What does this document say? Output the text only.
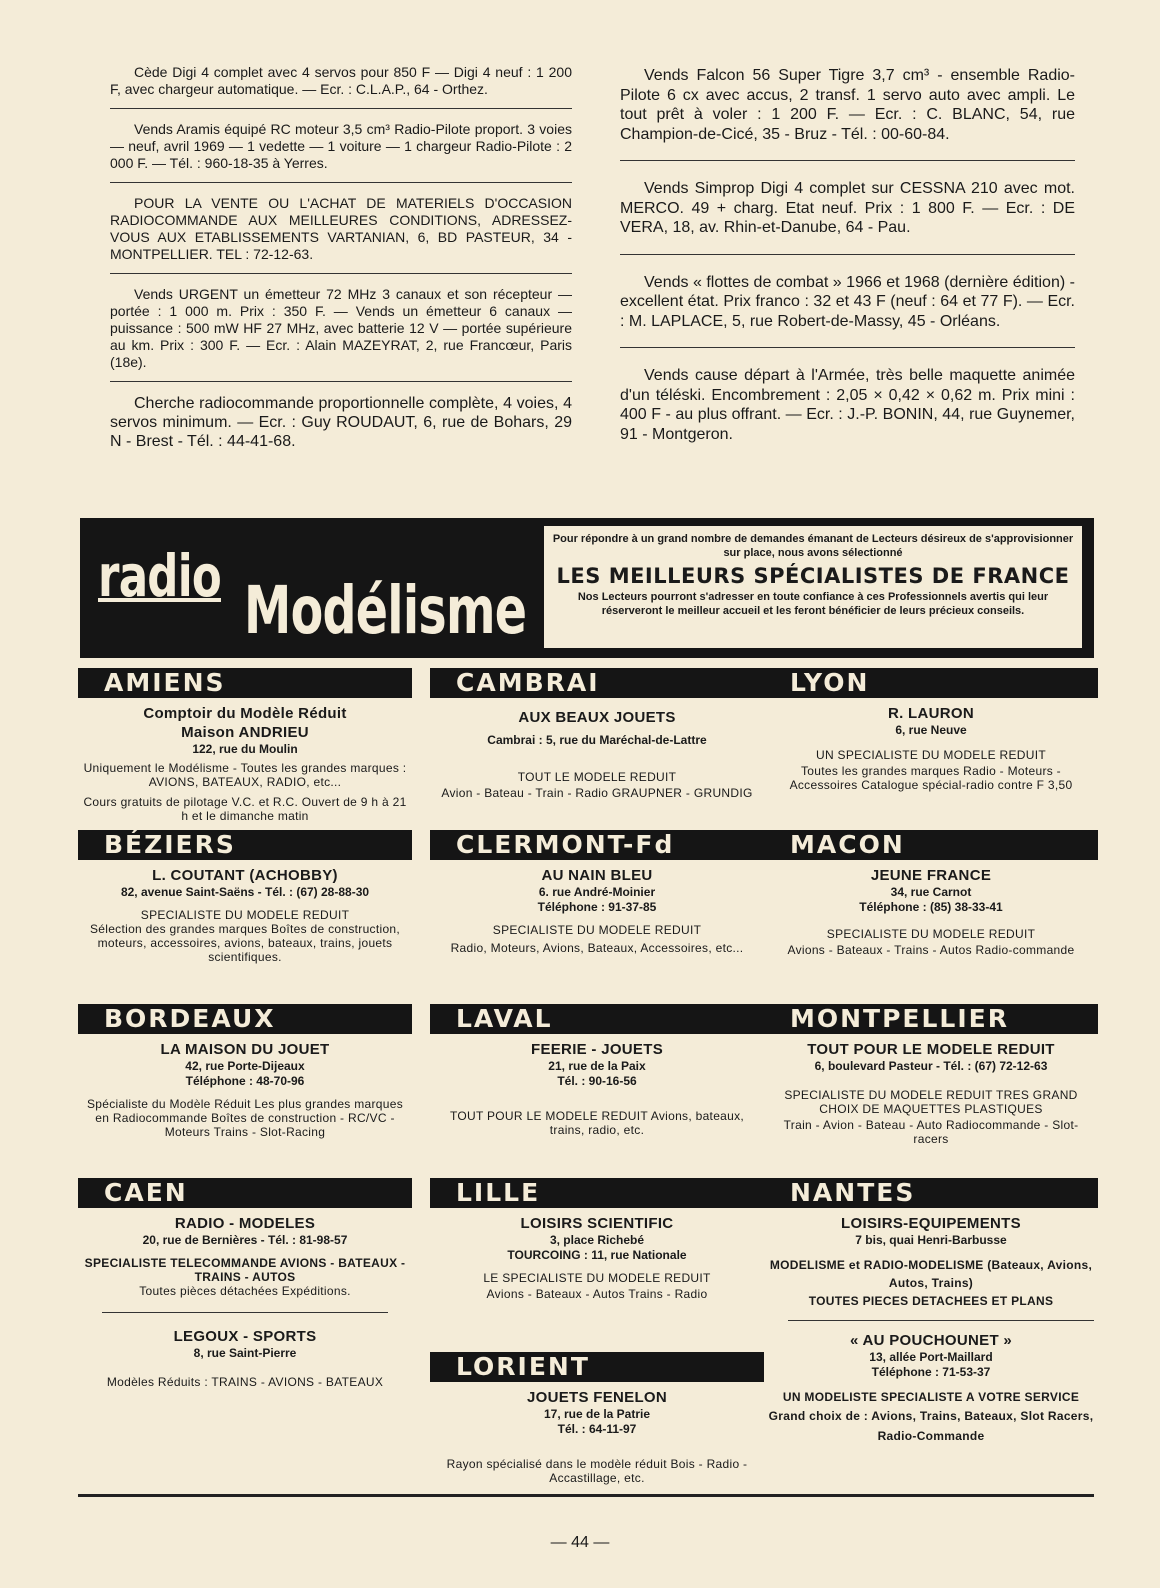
Cède Digi 4 complet avec 4 servos pour 850 F — Digi 4 neuf : 1 200 F, avec chargeur automatique. — Ecr. : C.L.A.P., 64 - Orthez.
Vends Aramis équipé RC moteur 3,5 cm³ Radio-Pilote proport. 3 voies — neuf, avril 1969 — 1 vedette — 1 voiture — 1 chargeur Radio-Pilote : 2 000 F. — Tél. : 960-18-35 à Yerres.
POUR LA VENTE OU L'ACHAT DE MATERIELS D'OCCASION RADIOCOMMANDE AUX MEILLEURES CONDITIONS, ADRESSEZ-VOUS AUX ETABLISSEMENTS VARTANIAN, 6, BD PASTEUR, 34 - MONTPELLIER. TEL : 72-12-63.
Vends URGENT un émetteur 72 MHz 3 canaux et son récepteur — portée : 1 000 m. Prix : 350 F. — Vends un émetteur 6 canaux — puissance : 500 mW HF 27 MHz, avec batterie 12 V — portée supérieure au km. Prix : 300 F. — Ecr. : Alain MAZEYRAT, 2, rue Francœur, Paris (18e).
Cherche radiocommande proportionnelle complète, 4 voies, 4 servos minimum. — Ecr. : Guy ROUDAUT, 6, rue de Bohars, 29 N - Brest - Tél. : 44-41-68.
Vends Falcon 56 Super Tigre 3,7 cm³ - ensemble Radio-Pilote 6 cx avec accus, 2 transf. 1 servo auto avec ampli. Le tout prêt à voler : 1 200 F. — Ecr. : C. BLANC, 54, rue Champion-de-Cicé, 35 - Bruz - Tél. : 00-60-84.
Vends Simprop Digi 4 complet sur CESSNA 210 avec mot. MERCO. 49 + charg. Etat neuf. Prix : 1 800 F. — Ecr. : DE VERA, 18, av. Rhin-et-Danube, 64 - Pau.
Vends « flottes de combat » 1966 et 1968 (dernière édition) - excellent état. Prix franco : 32 et 43 F (neuf : 64 et 77 F). — Ecr. : M. LAPLACE, 5, rue Robert-de-Massy, 45 - Orléans.
Vends cause départ à l'Armée, très belle maquette animée d'un téléski. Encombrement : 2,05 × 0,42 × 0,62 m. Prix mini : 400 F - au plus offrant. — Ecr. : J.-P. BONIN, 44, rue Guynemer, 91 - Montgeron.
radio Modélisme
Pour répondre à un grand nombre de demandes émanant de Lecteurs désireux de s'approvisionner sur place, nous avons sélectionné
LES MEILLEURS SPÉCIALISTES DE FRANCE
Nos Lecteurs pourront s'adresser en toute confiance à ces Professionnels avertis qui leur réserveront le meilleur accueil et les feront bénéficier de leurs précieux conseils.
AMIENS
Comptoir du Modèle Réduit
Maison ANDRIEU
122, rue du Moulin
Uniquement le Modélisme - Toutes les grandes marques : AVIONS, BATEAUX, RADIO, etc...
Cours gratuits de pilotage V.C. et R.C. Ouvert de 9 h à 21 h et le dimanche matin
BÉZIERS
L. COUTANT (ACHOBBY)
82, avenue Saint-Saëns - Tél. : (67) 28-88-30
SPECIALISTE DU MODELE REDUIT
Sélection des grandes marques Boîtes de construction, moteurs, accessoires, avions, bateaux, trains, jouets scientifiques.
BORDEAUX
LA MAISON DU JOUET
42, rue Porte-Dijeaux
Téléphone : 48-70-96
Spécialiste du Modèle Réduit Les plus grandes marques en Radiocommande Boîtes de construction - RC/VC - Moteurs Trains - Slot-Racing
CAEN
RADIO - MODELES
20, rue de Bernières - Tél. : 81-98-57
SPECIALISTE TELECOMMANDE AVIONS - BATEAUX - TRAINS - AUTOS
Toutes pièces détachées Expéditions.
LEGOUX - SPORTS
8, rue Saint-Pierre
Modèles Réduits : TRAINS - AVIONS - BATEAUX
CAMBRAI
AUX BEAUX JOUETS
Cambrai : 5, rue du Maréchal-de-Lattre
TOUT LE MODELE REDUIT
Avion - Bateau - Train - Radio GRAUPNER - GRUNDIG
CLERMONT-Fd
AU NAIN BLEU
6. rue André-Moinier
Téléphone : 91-37-85
SPECIALISTE DU MODELE REDUIT
Radio, Moteurs, Avions, Bateaux, Accessoires, etc...
LAVAL
FEERIE - JOUETS
21, rue de la Paix
Tél. : 90-16-56
TOUT POUR LE MODELE REDUIT Avions, bateaux, trains, radio, etc.
LILLE
LOISIRS SCIENTIFIC
3, place Richebé
TOURCOING : 11, rue Nationale
LE SPECIALISTE DU MODELE REDUIT
Avions - Bateaux - Autos Trains - Radio
LORIENT
JOUETS FENELON
17, rue de la Patrie
Tél. : 64-11-97
Rayon spécialisé dans le modèle réduit Bois - Radio - Accastillage, etc.
LYON
R. LAURON
6, rue Neuve
UN SPECIALISTE DU MODELE REDUIT
Toutes les grandes marques Radio - Moteurs - Accessoires Catalogue spécial-radio contre F 3,50
MACON
JEUNE FRANCE
34, rue Carnot
Téléphone : (85) 38-33-41
SPECIALISTE DU MODELE REDUIT
Avions - Bateaux - Trains - Autos Radio-commande
MONTPELLIER
TOUT POUR LE MODELE REDUIT
6, boulevard Pasteur - Tél. : (67) 72-12-63
SPECIALISTE DU MODELE REDUIT TRES GRAND CHOIX DE MAQUETTES PLASTIQUES
Train - Avion - Bateau - Auto Radiocommande - Slot-racers
NANTES
LOISIRS-EQUIPEMENTS
7 bis, quai Henri-Barbusse
MODELISME et RADIO-MODELISME (Bateaux, Avions, Autos, Trains)
TOUTES PIECES DETACHEES ET PLANS
« AU POUCHOUNET »
13, allée Port-Maillard
Téléphone : 71-53-37
UN MODELISTE SPECIALISTE A VOTRE SERVICE
Grand choix de : Avions, Trains, Bateaux, Slot Racers, Radio-Commande
— 44 —
